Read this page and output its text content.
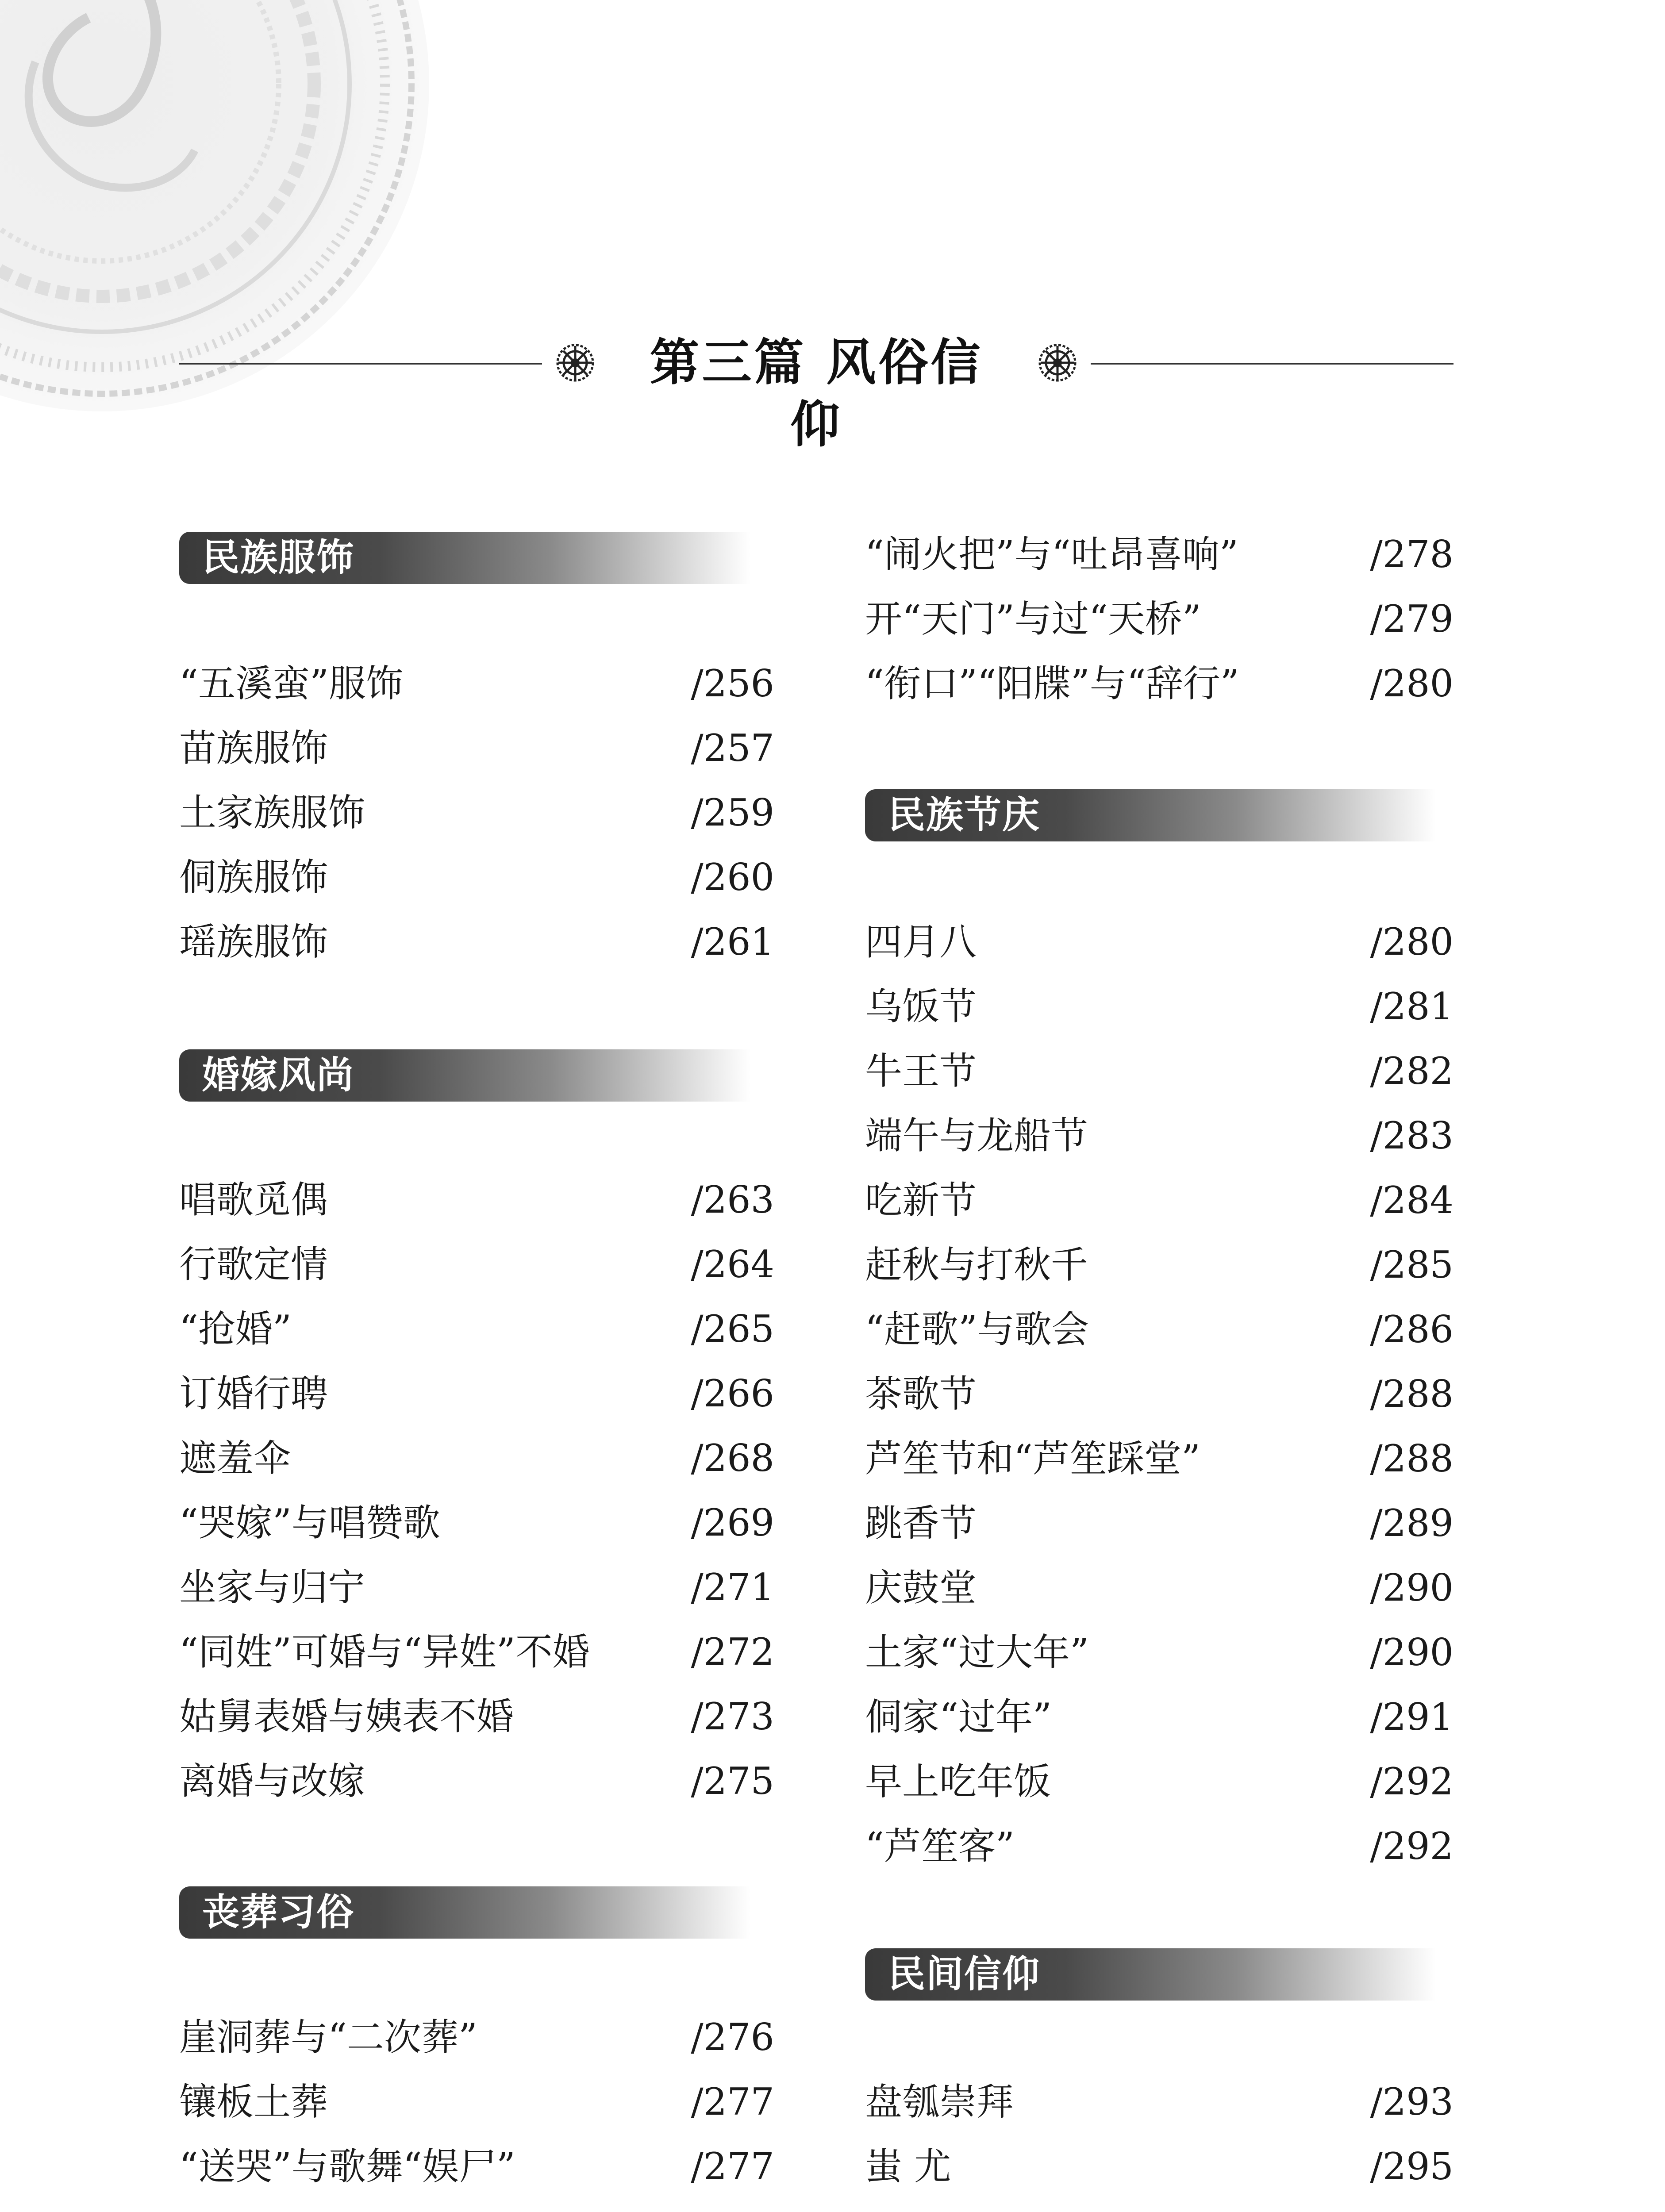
第三篇 风俗信仰
民族服饰
“五溪蛮”服饰	/256
苗族服饰	/257
土家族服饰	/259
侗族服饰	/260
瑶族服饰	/261
婚嫁风尚
唱歌觅偶	/263
行歌定情	/264
“抢婚”	/265
订婚行聘	/266
遮羞伞	/268
“哭嫁”与唱赞歌	/269
坐家与归宁	/271
“同姓”可婚与“异姓”不婚	/272
姑舅表婚与姨表不婚	/273
离婚与改嫁	/275
丧葬习俗
崖洞葬与“二次葬”	/276
镶板土葬	/277
“送哭”与歌舞“娱尸”	/277
“闹火把”与“吐昂喜响”	/278
开“天门”与过“天桥”	/279
“衔口”“阳牒”与“辞行”	/280
民族节庆
四月八	/280
乌饭节	/281
牛王节	/282
端午与龙船节	/283
吃新节	/284
赶秋与打秋千	/285
“赶歌”与歌会	/286
茶歌节	/288
芦笙节和“芦笙踩堂”	/288
跳香节	/289
庆鼓堂	/290
土家“过大年”	/290
侗家“过年”	/291
早上吃年饭	/292
“芦笙客”	/292
民间信仰
盘瓠崇拜	/293
蚩 尤	/295
